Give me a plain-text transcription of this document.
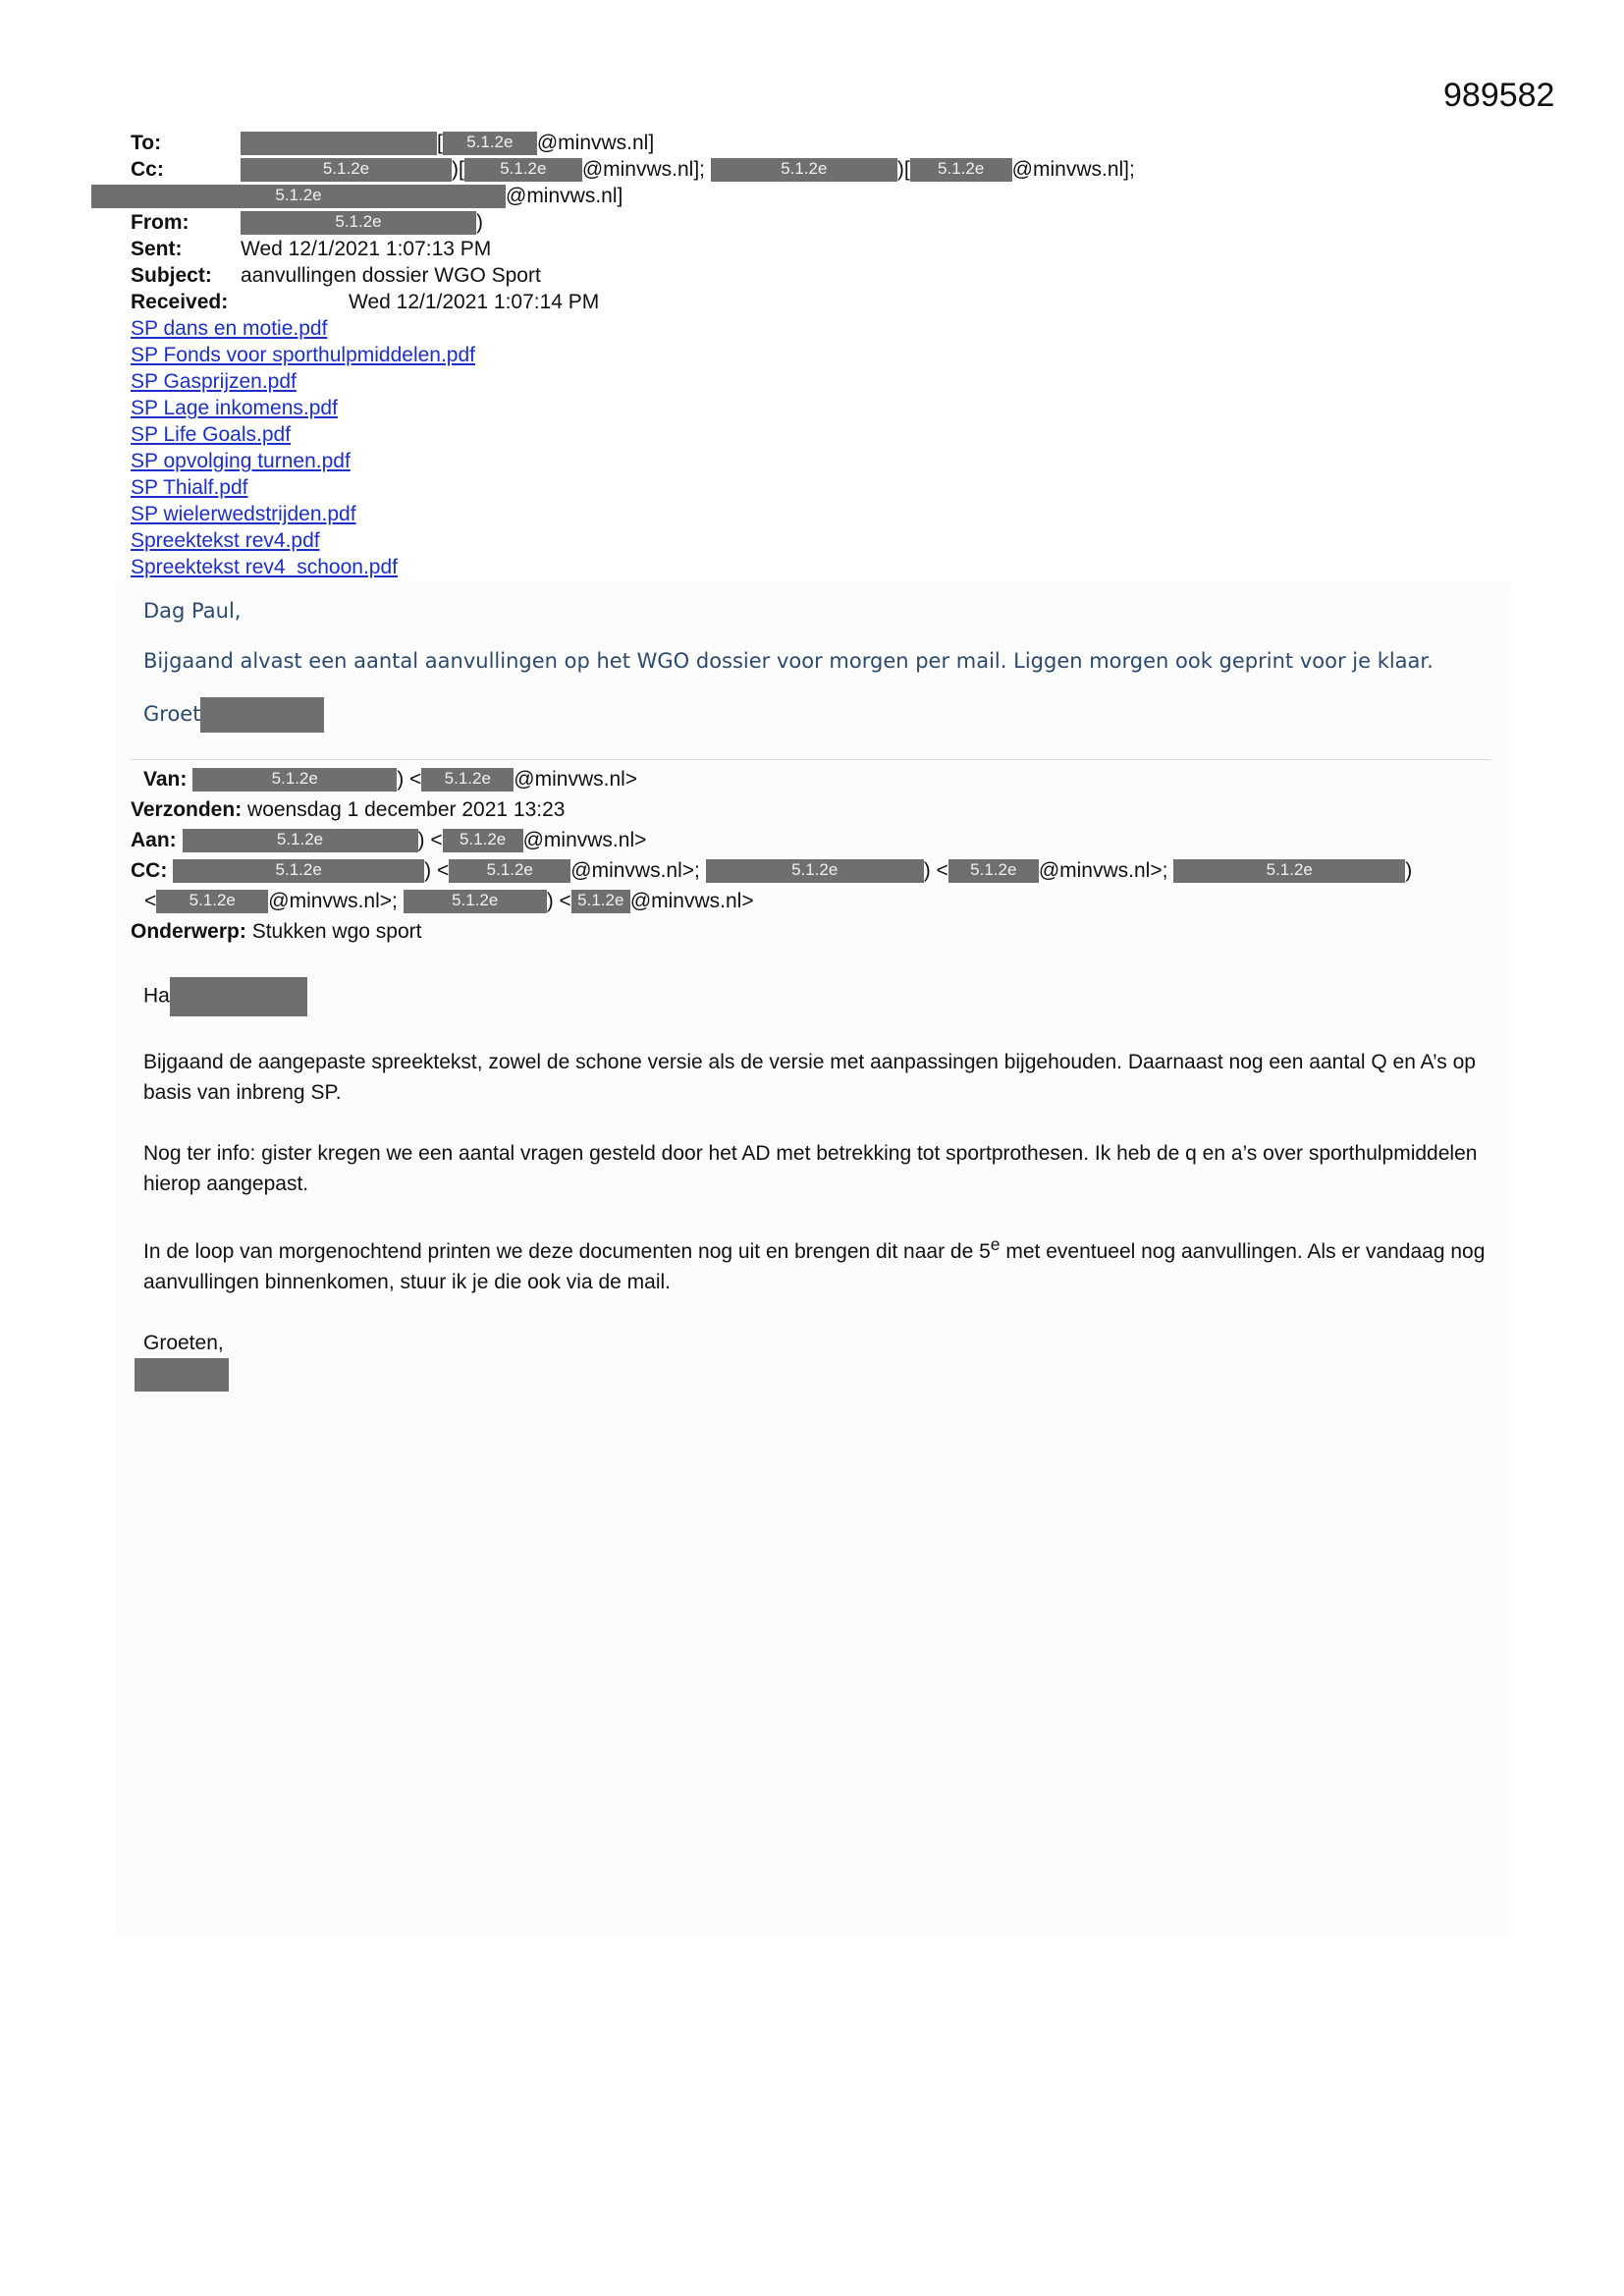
989582
To:	[ 5.1.2e @minvws.nl]
Cc:	5.1.2e	)[ 5.1.2e @minvws.nl];	5.1.2e	)[ 5.1.2e @minvws.nl];
5.1.2e	@minvws.nl]
From:	5.1.2e	)
Sent:	Wed 12/1/2021 1:07:13 PM
Subject: aanvullingen dossier WGO Sport
Received:	Wed 12/1/2021 1:07:14 PM
SP dans en motie.pdf
SP Fonds voor sporthulpmiddelen.pdf
SP Gasprijzen.pdf
SP Lage inkomens.pdf
SP Life Goals.pdf
SP opvolging turnen.pdf
SP Thialf.pdf
SP wielerwedstrijden.pdf
Spreektekst rev4.pdf
Spreektekst rev4_schoon.pdf

Dag Paul,

Bijgaand alvast een aantal aanvullingen op het WGO dossier voor morgen per mail. Liggen morgen ook geprint voor je klaar.

Groet

Van:	5.1.2e	) < 5.1.2e @minvws.nl>
Verzonden: woensdag 1 december 2021 13:23
Aan:	5.1.2e	) < 5.1.2e @minvws.nl>
CC:	5.1.2e	) < 5.1.2e @minvws.nl>;	5.1.2e	) < 5.1.2e @minvws.nl>;	5.1.2e	)
< 5.1.2e @minvws.nl>;	5.1.2e ) < 5.1.2e @minvws.nl>
Onderwerp: Stukken wgo sport

Ha

Bijgaand de aangepaste spreektekst, zowel de schone versie als de versie met aanpassingen bijgehouden. Daarnaast nog een aantal Q en A’s op basis van inbreng SP.

Nog ter info: gister kregen we een aantal vragen gesteld door het AD met betrekking tot sportprothesen. Ik heb de q en a’s over sporthulpmiddelen hierop aangepast.

In de loop van morgenochtend printen we deze documenten nog uit en brengen dit naar de 5e met eventueel nog aanvullingen. Als er vandaag nog aanvullingen binnenkomen, stuur ik je die ook via de mail.

Groeten,
